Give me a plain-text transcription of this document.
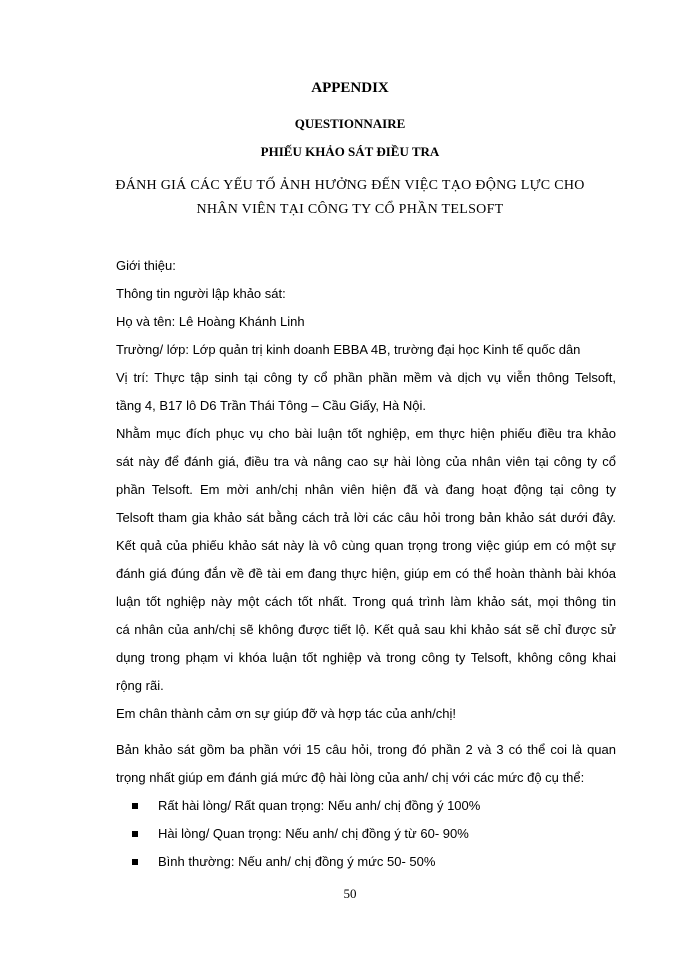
APPENDIX
QUESTIONNAIRE
PHIẾU KHẢO SÁT ĐIỀU TRA
ĐÁNH GIÁ CÁC YẾU TỐ ẢNH HƯỞNG ĐẾN VIỆC TẠO ĐỘNG LỰC CHO
NHÂN VIÊN TẠI CÔNG TY CỔ PHẦN TELSOFT
Giới thiệu:
Thông tin người lập khảo sát:
Họ và tên: Lê Hoàng Khánh Linh
Trường/ lớp: Lớp quản trị kinh doanh EBBA 4B, trường đại học Kinh tế quốc dân
Vị trí: Thực tập sinh tại công ty cổ phần phần mềm và dịch vụ viễn thông Telsoft,
tầng 4, B17 lô D6 Trần Thái Tông – Cầu Giấy, Hà Nội.
Nhằm mục đích phục vụ cho bài luận tốt nghiệp, em thực hiện phiếu điều tra khảo
sát này để đánh giá, điều tra và nâng cao sự hài lòng của nhân viên tại công ty cổ
phần Telsoft. Em mời anh/chị nhân viên hiện đã và đang hoạt động tại công ty
Telsoft tham gia khảo sát bằng cách trả lời các câu hỏi trong bản khảo sát dưới đây.
Kết quả của phiếu khảo sát này là vô cùng quan trọng trong việc giúp em có một sự
đánh giá đúng đắn về đề tài em đang thực hiện, giúp em có thể hoàn thành bài khóa
luận tốt nghiệp này một cách tốt nhất. Trong quá trình làm khảo sát, mọi thông tin
cá nhân của anh/chị sẽ không được tiết lộ. Kết quả sau khi khảo sát sẽ chỉ được sử
dụng trong phạm vi khóa luận tốt nghiệp và trong công ty Telsoft, không công khai
rộng rãi.
Em chân thành cảm ơn sự giúp đỡ và hợp tác của anh/chị!
Bản khảo sát gồm ba phần với 15 câu hỏi, trong đó phần 2 và 3 có thể coi là quan
trọng nhất giúp em đánh giá mức độ hài lòng của anh/ chị với các mức độ cụ thể:
Rất hài lòng/ Rất quan trọng: Nếu anh/ chị đồng ý 100%
Hài lòng/ Quan trọng: Nếu anh/ chị đồng ý từ 60- 90%
Bình thường: Nếu anh/ chị đồng ý mức 50- 50%
50
